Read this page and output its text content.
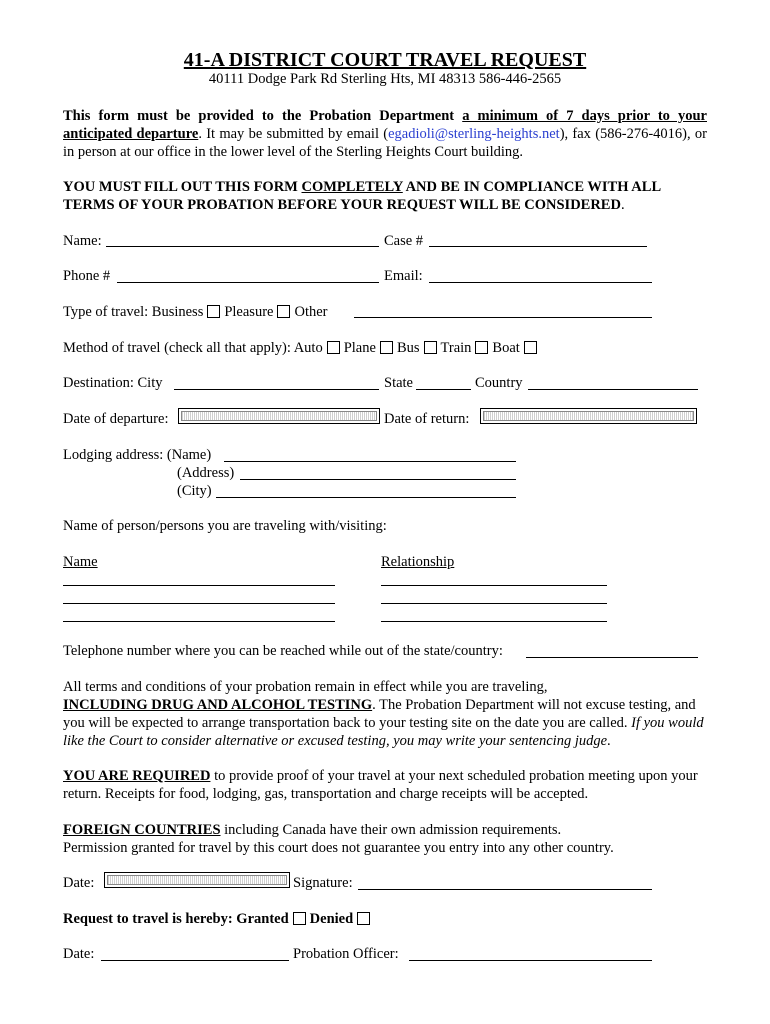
41-A DISTRICT COURT TRAVEL REQUEST
40111 Dodge Park Rd Sterling Hts, MI 48313 586-446-2565
This form must be provided to the Probation Department a minimum of 7 days prior to your anticipated departure. It may be submitted by email (egadioli@sterling-heights.net), fax (586-276-4016), or in person at our office in the lower level of the Sterling Heights Court building.
YOU MUST FILL OUT THIS FORM COMPLETELY AND BE IN COMPLIANCE WITH ALL TERMS OF YOUR PROBATION BEFORE YOUR REQUEST WILL BE CONSIDERED.
Name:	Case #
Phone #	Email:
Type of travel: Business Pleasure Other
Method of travel (check all that apply): Auto Plane Bus Train Boat
Destination: City	State	Country
Date of departure:	Date of return:
Lodging address: (Name)
(Address)
(City)
Name of person/persons you are traveling with/visiting:
Name	Relationship
Telephone number where you can be reached while out of the state/country:
All terms and conditions of your probation remain in effect while you are traveling,
INCLUDING DRUG AND ALCOHOL TESTING. The Probation Department will not excuse testing, and you will be expected to arrange transportation back to your testing site on the date you are called. If you would like the Court to consider alternative or excused testing, you may write your sentencing judge.
YOU ARE REQUIRED to provide proof of your travel at your next scheduled probation meeting upon your return. Receipts for food, lodging, gas, transportation and charge receipts will be accepted.
FOREIGN COUNTRIES including Canada have their own admission requirements.
Permission granted for travel by this court does not guarantee you entry into any other country.
Date:	Signature:
Request to travel is hereby: Granted Denied
Date:	Probation Officer:
